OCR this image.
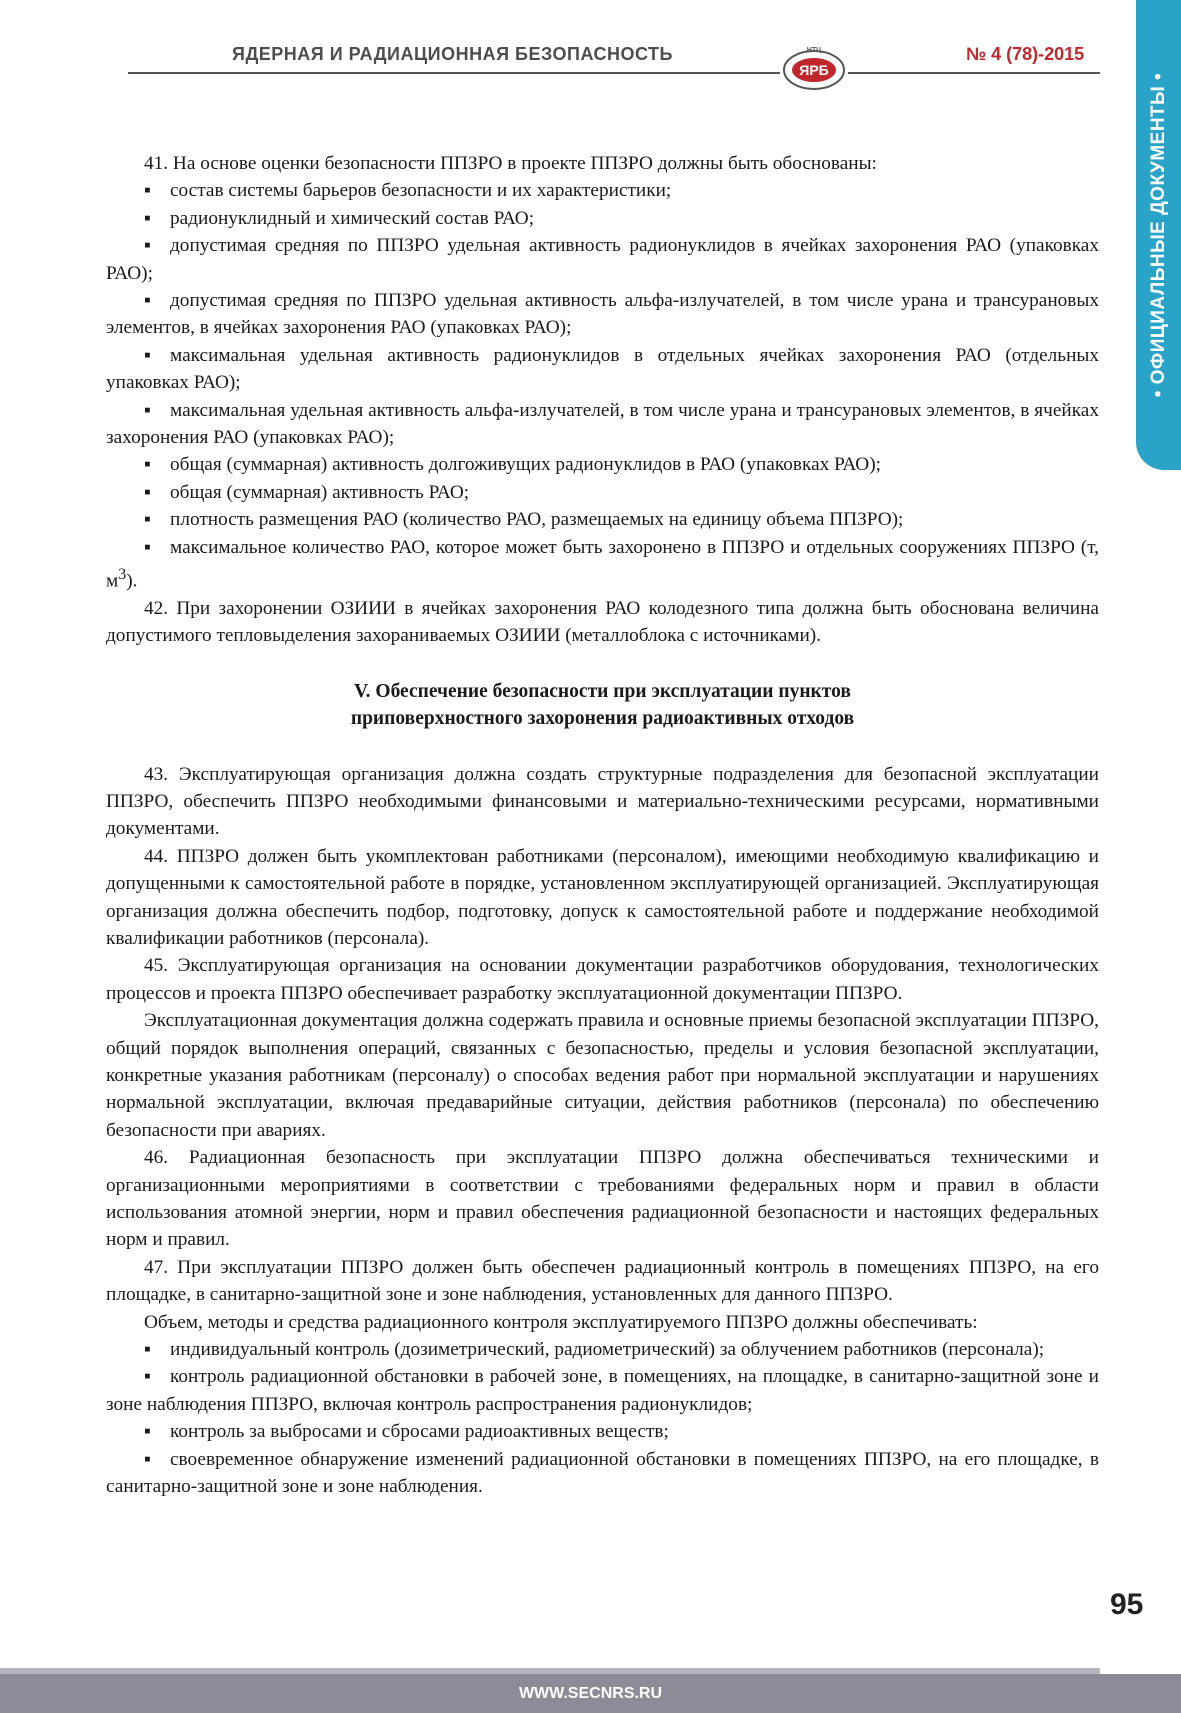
ЯДЕРНАЯ И РАДИАЦИОННАЯ БЕЗОПАСНОСТЬ	НТЦ
ЯРБ
№ 4 (78)-2015
• ОФИЦИАЛЬНЫЕ ДОКУМЕНТЫ •

41. На основе оценки безопасности ППЗРО в проекте ППЗРО должны быть обоснованы:

▪ состав системы барьеров безопасности и их характеристики;

▪ радионуклидный и химический состав РАО;

▪ допустимая средняя по ППЗРО удельная активность радионуклидов в ячейках захоронения РАО (упаковках РАО);

▪ допустимая средняя по ППЗРО удельная активность альфа-излучателей, в том числе урана и трансурановых элементов, в ячейках захоронения РАО (упаковках РАО);

▪ максимальная удельная активность радионуклидов в отдельных ячейках захоронения РАО (отдельных упаковках РАО);

▪ максимальная удельная активность альфа-излучателей, в том числе урана и трансурановых элементов, в ячейках захоронения РАО (упаковках РАО);

▪ общая (суммарная) активность долгоживущих радионуклидов в РАО (упаковках РАО);

▪ общая (суммарная) активность РАО;

▪ плотность размещения РАО (количество РАО, размещаемых на единицу объема ППЗРО);

▪ максимальное количество РАО, которое может быть захоронено в ППЗРО и отдельных сооружениях ППЗРО (т, $м^3$).

42. При захоронении ОЗИИИ в ячейках захоронения РАО колодезного типа должна быть обоснована величина допустимого тепловыделения захораниваемых ОЗИИИ (металлоблока с источниками).

V. Обеспечение безопасности при эксплуатации пунктов
приповерхностного захоронения радиоактивных отходов

43. Эксплуатирующая организация должна создать структурные подразделения для безопасной эксплуатации ППЗРО, обеспечить ППЗРО необходимыми финансовыми и материально-техническими ресурсами, нормативными документами.

44. ППЗРО должен быть укомплектован работниками (персоналом), имеющими необходимую квалификацию и допущенными к самостоятельной работе в порядке, установленном эксплуатирующей организацией. Эксплуатирующая организация должна обеспечить подбор, подготовку, допуск к самостоятельной работе и поддержание необходимой квалификации работников (персонала).

45. Эксплуатирующая организация на основании документации разработчиков оборудования, технологических процессов и проекта ППЗРО обеспечивает разработку эксплуатационной документации ППЗРО.

Эксплуатационная документация должна содержать правила и основные приемы безопасной эксплуатации ППЗРО, общий порядок выполнения операций, связанных с безопасностью, пределы и условия безопасной эксплуатации, конкретные указания работникам (персоналу) о способах ведения работ при нормальной эксплуатации и нарушениях нормальной эксплуатации, включая предаварийные ситуации, действия работников (персонала) по обеспечению безопасности при авариях.

46. Радиационная безопасность при эксплуатации ППЗРО должна обеспечиваться техническими и организационными мероприятиями в соответствии с требованиями федеральных норм и правил в области использования атомной энергии, норм и правил обеспечения радиационной безопасности и настоящих федеральных норм и правил.

47. При эксплуатации ППЗРО должен быть обеспечен радиационный контроль в помещениях ППЗРО, на его площадке, в санитарно-защитной зоне и зоне наблюдения, установленных для данного ППЗРО.

Объем, методы и средства радиационного контроля эксплуатируемого ППЗРО должны обеспечивать:

▪ индивидуальный контроль (дозиметрический, радиометрический) за облучением работников (персонала);

▪ контроль радиационной обстановки в рабочей зоне, в помещениях, на площадке, в санитарно-защитной зоне и зоне наблюдения ППЗРО, включая контроль распространения радионуклидов;

▪ контроль за выбросами и сбросами радиоактивных веществ;

▪ своевременное обнаружение изменений радиационной обстановки в помещениях ППЗРО, на его площадке, в санитарно-защитной зоне и зоне наблюдения.

95
WWW.SECNRS.RU
